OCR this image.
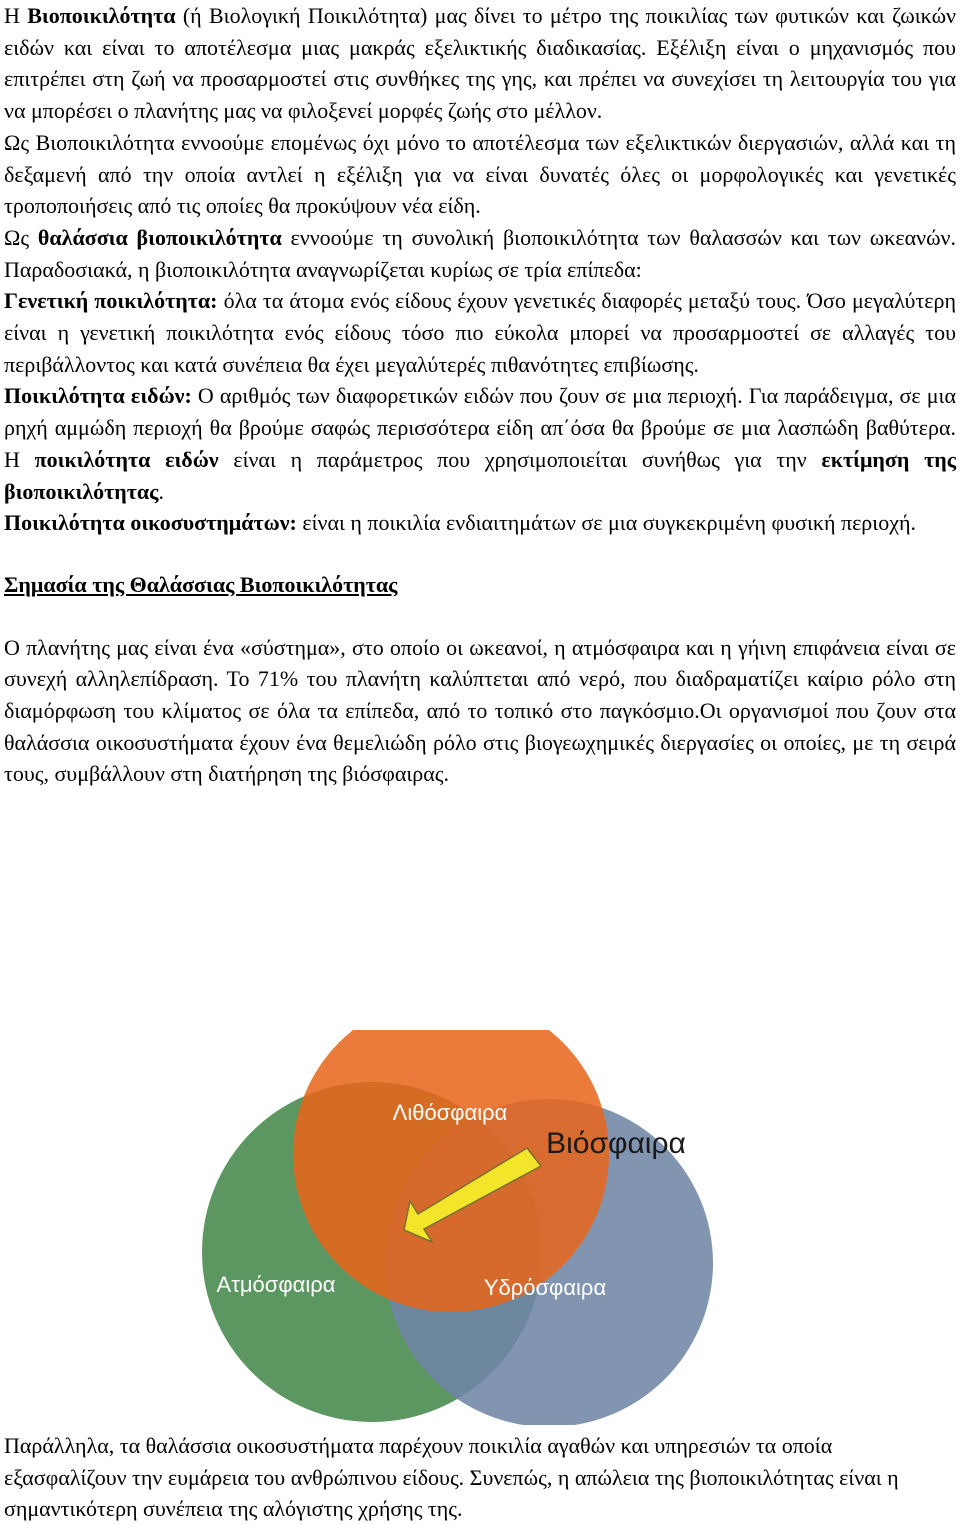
Η Βιοποικιλότητα (ή Βιολογική Ποικιλότητα) μας δίνει το μέτρο της ποικιλίας των φυτικών και ζωικών ειδών και είναι το αποτέλεσμα μιας μακράς εξελικτικής διαδικασίας. Εξέλιξη είναι ο μηχανισμός που επιτρέπει στη ζωή να προσαρμοστεί στις συνθήκες της γης, και πρέπει να συνεχίσει τη λειτουργία του για να μπορέσει ο πλανήτης μας να φιλοξενεί μορφές ζωής στο μέλλον.

Ως Βιοποικιλότητα εννοούμε επομένως όχι μόνο το αποτέλεσμα των εξελικτικών διεργασιών, αλλά και τη δεξαμενή από την οποία αντλεί η εξέλιξη για να είναι δυνατές όλες οι μορφολογικές και γενετικές τροποποιήσεις από τις οποίες θα προκύψουν νέα είδη.

Ως θαλάσσια βιοποικιλότητα εννοούμε τη συνολική βιοποικιλότητα των θαλασσών και των ωκεανών. Παραδοσιακά, η βιοποικιλότητα αναγνωρίζεται κυρίως σε τρία επίπεδα:

Γενετική ποικιλότητα: όλα τα άτομα ενός είδους έχουν γενετικές διαφορές μεταξύ τους. Όσο μεγαλύτερη είναι η γενετική ποικιλότητα ενός είδους τόσο πιο εύκολα μπορεί να προσαρμοστεί σε αλλαγές του περιβάλλοντος και κατά συνέπεια θα έχει μεγαλύτερές πιθανότητες επιβίωσης.

Ποικιλότητα ειδών: Ο αριθμός των διαφορετικών ειδών που ζουν σε μια περιοχή. Για παράδειγμα, σε μια ρηχή αμμώδη περιοχή θα βρούμε σαφώς περισσότερα είδη απ΄όσα θα βρούμε σε μια λασπώδη βαθύτερα. Η ποικιλότητα ειδών είναι η παράμετρος που χρησιμοποιείται συνήθως για την εκτίμηση της βιοποικιλότητας.

Ποικιλότητα οικοσυστημάτων: είναι η ποικιλία ενδιαιτημάτων σε μια συγκεκριμένη φυσική περιοχή.

Σημασία της Θαλάσσιας Βιοποικιλότητας

Ο πλανήτης μας είναι ένα «σύστημα», στο οποίο οι ωκεανοί, η ατμόσφαιρα και η γήινη επιφάνεια είναι σε συνεχή αλληλεπίδραση. Το 71% του πλανήτη καλύπτεται από νερό, που διαδραματίζει καίριο ρόλο στη διαμόρφωση του κλίματος σε όλα τα επίπεδα, από το τοπικό στο παγκόσμιο.Οι οργανισμοί που ζουν στα θαλάσσια οικοσυστήματα έχουν ένα θεμελιώδη ρόλο στις βιογεωχημικές διεργασίες οι οποίες, με τη σειρά τους, συμβάλλουν στη διατήρηση της βιόσφαιρας.

Λιθόσφαιρα
Ατμόσφαιρα	Υδρόσφαιρα
Βιόσφαιρα

Παράλληλα, τα θαλάσσια οικοσυστήματα παρέχουν ποικιλία αγαθών και υπηρεσιών τα οποία εξασφαλίζουν την ευμάρεια του ανθρώπινου είδους. Συνεπώς, η απώλεια της βιοποικιλότητας είναι η σημαντικότερη συνέπεια της αλόγιστης χρήσης της.
